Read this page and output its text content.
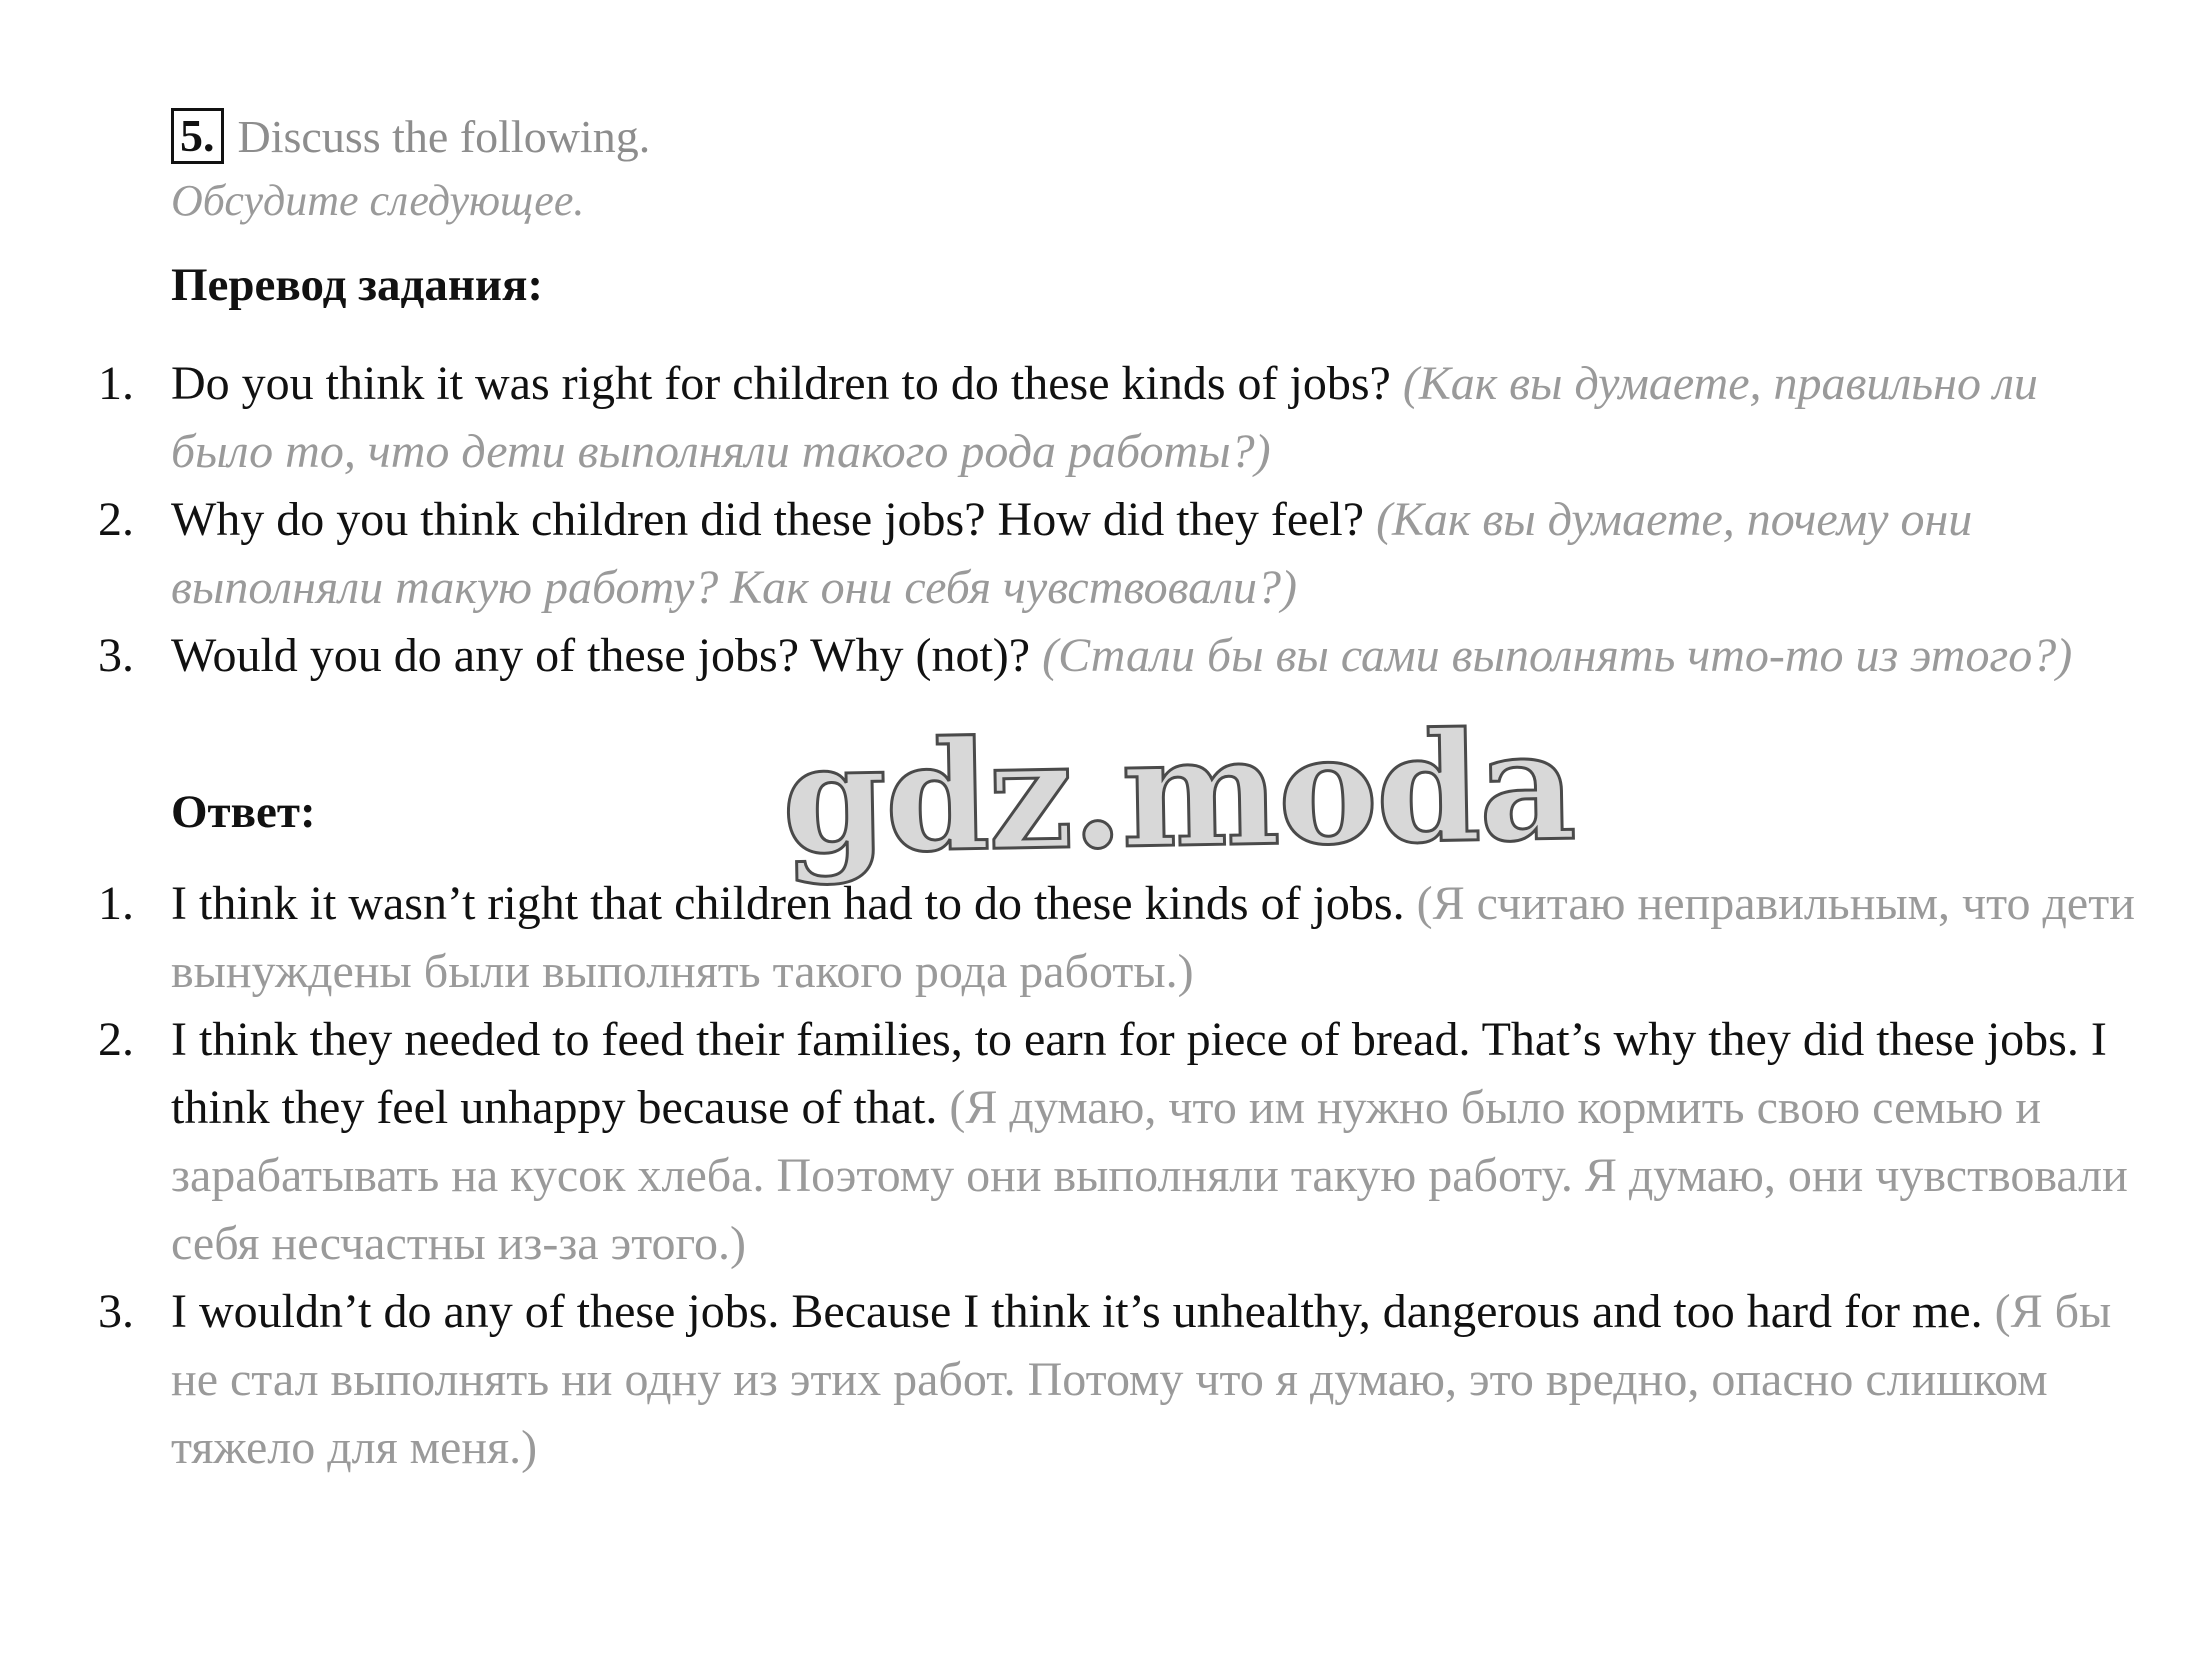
5. Discuss the following.
Обсудите следующее.
Перевод задания:
1. Do you think it was right for children to do these kinds of jobs? (Как вы думаете, правильно ли было то, что дети выполняли такого рода работы?)
2. Why do you think children did these jobs? How did they feel? (Как вы думаете, почему они выполняли такую работу? Как они себя чувствовали?)
3. Would you do any of these jobs? Why (not)? (Стали бы вы сами выполнять что-то из этого?)
Ответ:
1. I think it wasn’t right that children had to do these kinds of jobs. (Я считаю неправильным, что дети вынуждены были выполнять такого рода работы.)
2. I think they needed to feed their families, to earn for piece of bread. That’s why they did these jobs. I think they feel unhappy because of that. (Я думаю, что им нужно было кормить свою семью и зарабатывать на кусок хлеба. Поэтому они выполняли такую работу. Я думаю, они чувствовали себя несчастны из-за этого.)
3. I wouldn’t do any of these jobs. Because I think it’s unhealthy, dangerous and too hard for me. (Я бы не стал выполнять ни одну из этих работ. Потому что я думаю, это вредно, опасно слишком тяжело для меня.)
gdz.moda
